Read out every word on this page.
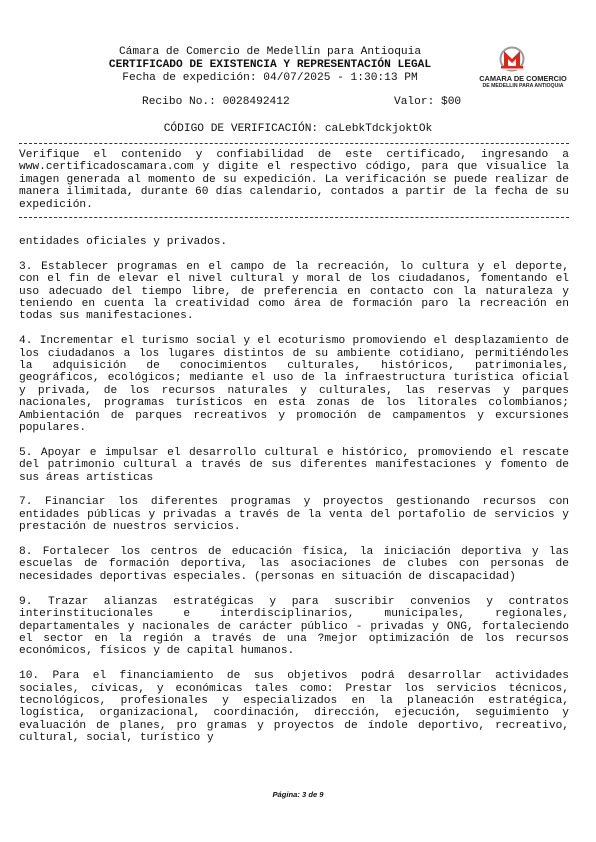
Cámara de Comercio de Medellín para Antioquia
CERTIFICADO DE EXISTENCIA Y REPRESENTACIÓN LEGAL
Fecha de expedición: 04/07/2025 - 1:30:13 PM	CAMARA DE COMERCIO
DE MEDELLIN PARA ANTIOQUIA
Recibo No.: 0028492412	Valor: $00
CÓDIGO DE VERIFICACIÓN: caLebkTdckjoktOk
Verifique el contenido y confiabilidad de este certificado, ingresando a www.certificadoscamara.com y digite el respectivo código, para que visualice la imagen generada al momento de su expedición. La verificación se puede realizar de manera ilimitada, durante 60 días calendario, contados a partir de la fecha de su expedición.

entidades oficiales y privados.

3. Establecer programas en el campo de la recreación, lo cultura y el deporte, con el fin de elevar el nivel cultural y moral de los ciudadanos, fomentando el uso adecuado del tiempo libre, de preferencia en contacto con la naturaleza y teniendo en cuenta la creatividad como área de formación paro la recreación en todas sus manifestaciones.

4. Incrementar el turismo social y el ecoturismo promoviendo el desplazamiento de los ciudadanos a los lugares distintos de su ambiente cotidiano, permitiéndoles la adquisición de conocimientos culturales, históricos, patrimoniales, geográficos, ecológicos; mediante el uso de la infraestructura turística oficial y privada, de los recursos naturales y culturales, las reservas y parques nacionales, programas turísticos en esta zonas de los litorales colombianos; Ambientación de parques recreativos y promoción de campamentos y excursiones populares.

5. Apoyar e impulsar el desarrollo cultural e histórico, promoviendo el rescate del patrimonio cultural a través de sus diferentes manifestaciones y fomento de sus áreas artísticas

7. Financiar los diferentes programas y proyectos gestionando recursos con entidades públicas y privadas a través de la venta del portafolio de servicios y prestación de nuestros servicios.

8. Fortalecer los centros de educación física, la iniciación deportiva y las escuelas de formación deportiva, las asociaciones de clubes con personas de necesidades deportivas especiales. (personas en situación de discapacidad)

9. Trazar alianzas estratégicas y para suscribir convenios y contratos interinstitucionales e interdisciplinarios, municipales, regionales, departamentales y nacionales de carácter público - privadas y ONG, fortaleciendo el sector en la región a través de una ?mejor optimización de los recursos económicos, físicos y de capital humanos.

10. Para el financiamiento de sus objetivos podrá desarrollar actividades sociales, cívicas, y económicas tales como: Prestar los servicios técnicos, tecnológicos, profesionales y especializados en la planeación estratégica, logística, organizacional, coordinación, dirección, ejecución, seguimiento y evaluación de planes, pro gramas y proyectos de índole deportivo, recreativo, cultural, social, turístico y

Página: 3 de 9
